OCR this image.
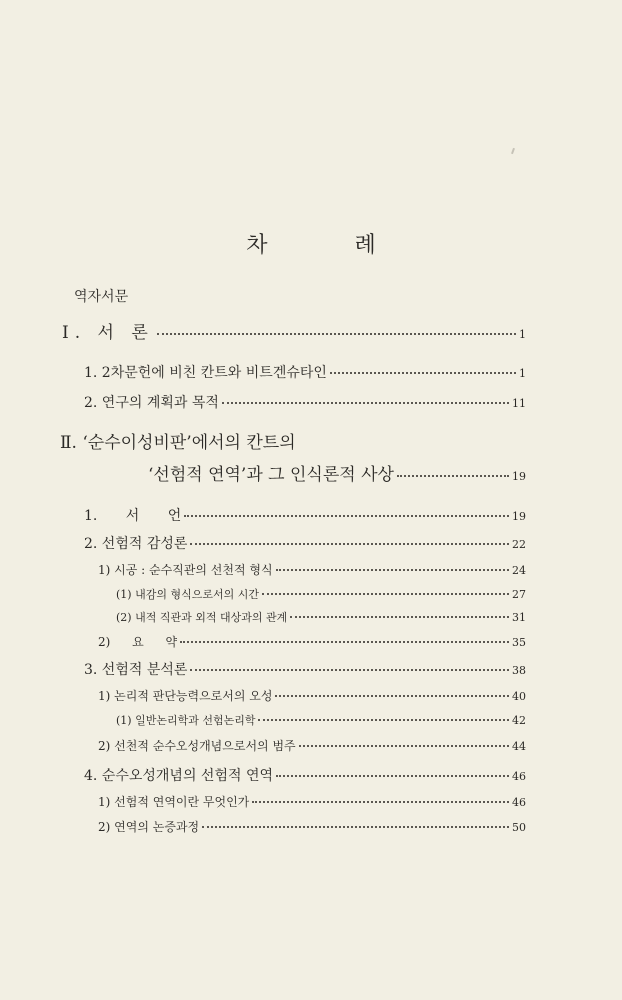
차 례
역자서문
Ⅰ. 서 론	1
1. 2차문헌에 비친 칸트와 비트겐슈타인	1
2. 연구의 계획과 목적	11
Ⅱ. ‘순수이성비판’에서의 칸트의
‘선험적 연역’과 그 인식론적 사상	19
1. 서 언	19
2. 선험적 감성론	22
1) 시공 : 순수직관의 선천적 형식	24
(1) 내감의 형식으로서의 시간	27
(2) 내적 직관과 외적 대상과의 관계	31
2) 요 약	35
3. 선험적 분석론	38
1) 논리적 판단능력으로서의 오성	40
(1) 일반논리학과 선험논리학	42
2) 선천적 순수오성개념으로서의 범주	44
4. 순수오성개념의 선험적 연역	46
1) 선험적 연역이란 무엇인가	46
2) 연역의 논증과정	50
